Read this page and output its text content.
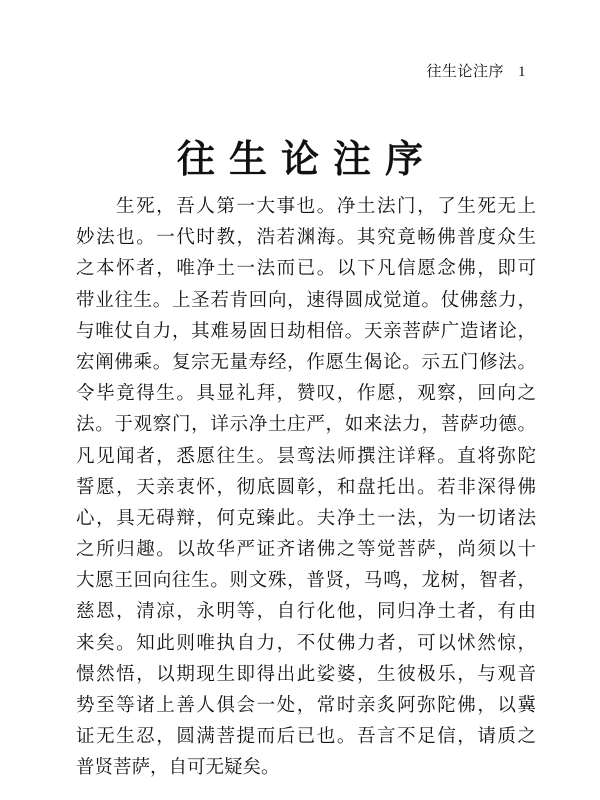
往生论注序 1
往生论注序
生死，吾人第一大事也。净土法门，了生死无上
妙法也。一代时教，浩若渊海。其究竟畅佛普度众生
之本怀者，唯净土一法而已。以下凡信愿念佛，即可
带业往生。上圣若肯回向，速得圆成觉道。仗佛慈力，
与唯仗自力，其难易固日劫相倍。天亲菩萨广造诸论，
宏阐佛乘。复宗无量寿经，作愿生偈论。示五门修法。
令毕竟得生。具显礼拜，赞叹，作愿，观察，回向之
法。于观察门，详示净土庄严，如来法力，菩萨功德。
凡见闻者，悉愿往生。昙鸾法师撰注详释。直将弥陀
誓愿，天亲衷怀，彻底圆彰，和盘托出。若非深得佛
心，具无碍辩，何克臻此。夫净土一法，为一切诸法
之所归趣。以故华严证齐诸佛之等觉菩萨，尚须以十
大愿王回向往生。则文殊，普贤，马鸣，龙树，智者，
慈恩，清凉，永明等，自行化他，同归净土者，有由
来矣。知此则唯执自力，不仗佛力者，可以怵然惊，
憬然悟，以期现生即得出此娑婆，生彼极乐，与观音
势至等诸上善人俱会一处，常时亲炙阿弥陀佛，以冀
证无生忍，圆满菩提而后已也。吾言不足信，请质之
普贤菩萨，自可无疑矣。
